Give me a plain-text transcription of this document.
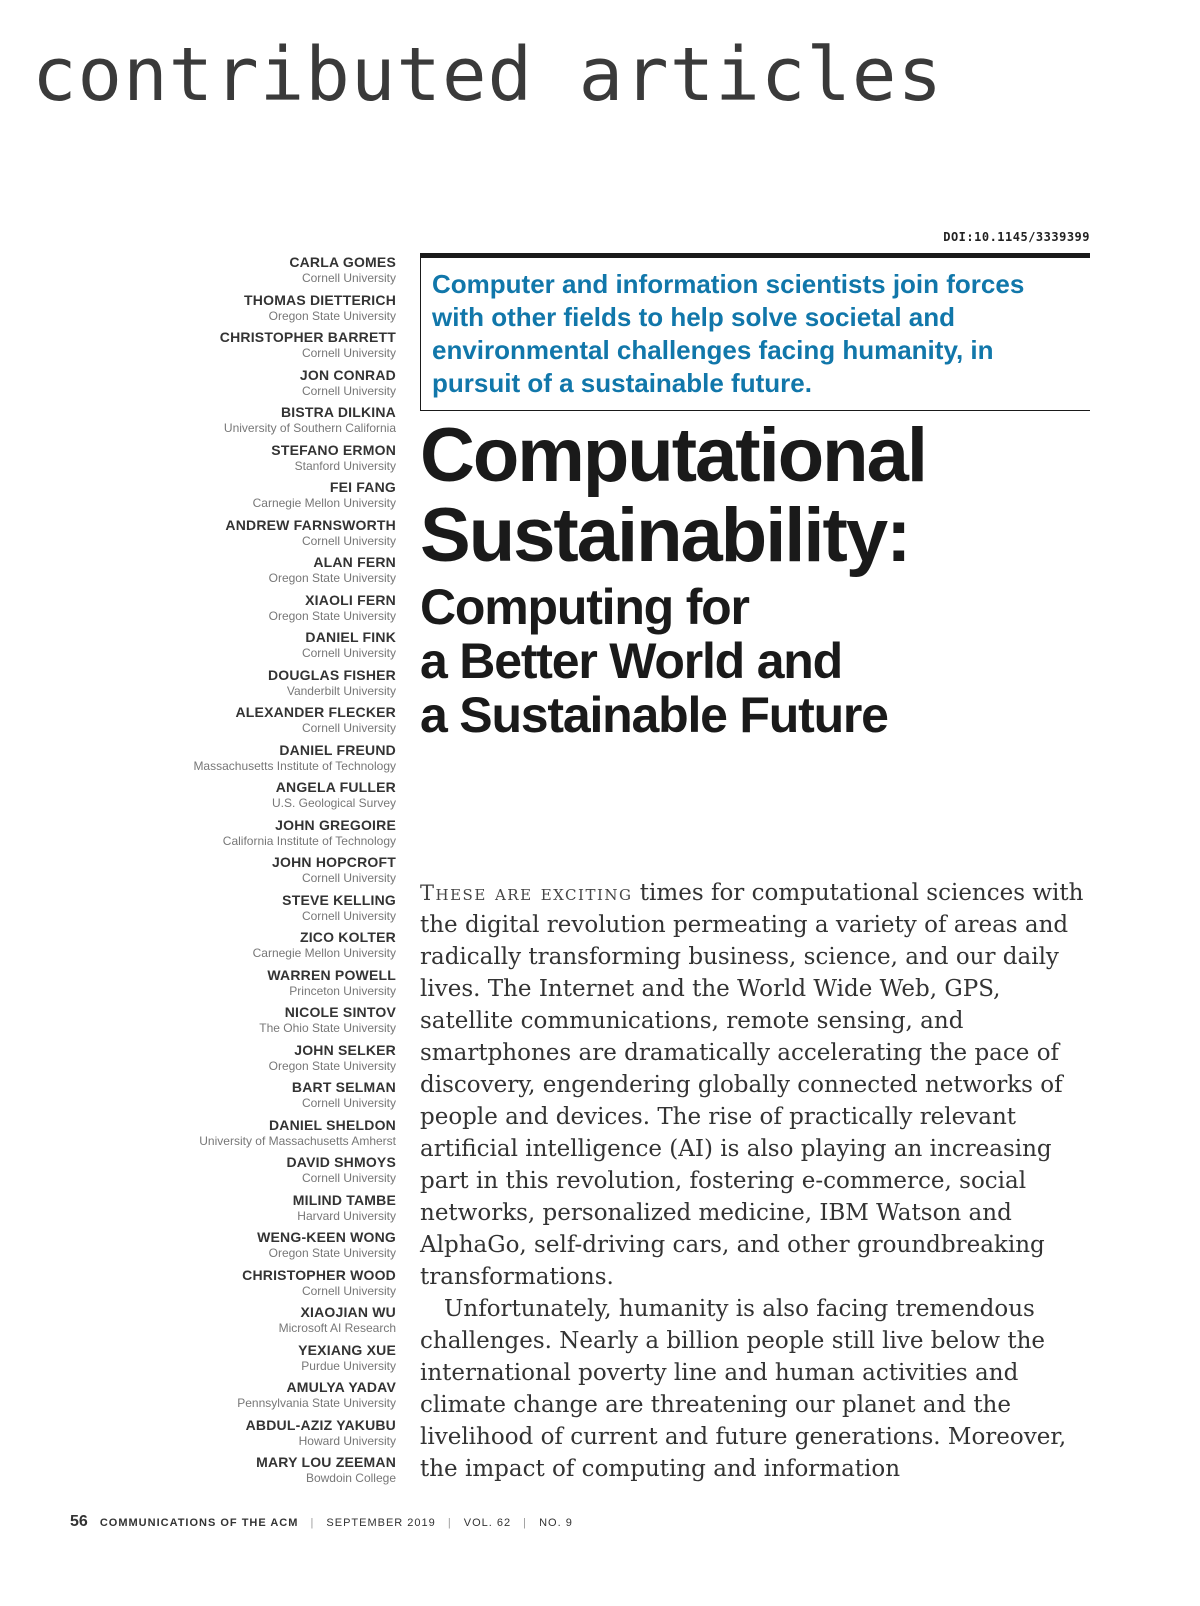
contributed articles
DOI:10.1145/3339399
CARLA GOMES
Cornell University
THOMAS DIETTERICH
Oregon State University
CHRISTOPHER BARRETT
Cornell University
JON CONRAD
Cornell University
BISTRA DILKINA
University of Southern California
STEFANO ERMON
Stanford University
FEI FANG
Carnegie Mellon University
ANDREW FARNSWORTH
Cornell University
ALAN FERN
Oregon State University
XIAOLI FERN
Oregon State University
DANIEL FINK
Cornell University
DOUGLAS FISHER
Vanderbilt University
ALEXANDER FLECKER
Cornell University
DANIEL FREUND
Massachusetts Institute of Technology
ANGELA FULLER
U.S. Geological Survey
JOHN GREGOIRE
California Institute of Technology
JOHN HOPCROFT
Cornell University
STEVE KELLING
Cornell University
ZICO KOLTER
Carnegie Mellon University
WARREN POWELL
Princeton University
NICOLE SINTOV
The Ohio State University
JOHN SELKER
Oregon State University
BART SELMAN
Cornell University
DANIEL SHELDON
University of Massachusetts Amherst
DAVID SHMOYS
Cornell University
MILIND TAMBE
Harvard University
WENG-KEEN WONG
Oregon State University
CHRISTOPHER WOOD
Cornell University
XIAOJIAN WU
Microsoft AI Research
YEXIANG XUE
Purdue University
AMULYA YADAV
Pennsylvania State University
ABDUL-AZIZ YAKUBU
Howard University
MARY LOU ZEEMAN
Bowdoin College

Computer and information scientists join forces with other fields to help solve societal and environmental challenges facing humanity, in pursuit of a sustainable future.

Computational
Sustainability:
Computing for
a Better World and
a Sustainable Future

These are exciting times for computational sciences with the digital revolution permeating a variety of areas and radically transforming business, science, and our daily lives. The Internet and the World Wide Web, GPS, satellite communications, remote sensing, and smartphones are dramatically accelerating the pace of discovery, engendering globally connected networks of people and devices. The rise of practically relevant artificial intelligence (AI) is also playing an increasing part in this revolution, fostering e-commerce, social networks, personalized medicine, IBM Watson and AlphaGo, self-driving cars, and other groundbreaking transformations.

Unfortunately, humanity is also facing tremendous challenges. Nearly a billion people still live below the international poverty line and human activities and climate change are threatening our planet and the livelihood of current and future generations. Moreover, the impact of computing and information

56 COMMUNICATIONS OF THE ACM | SEPTEMBER 2019 | VOL. 62 | NO. 9
